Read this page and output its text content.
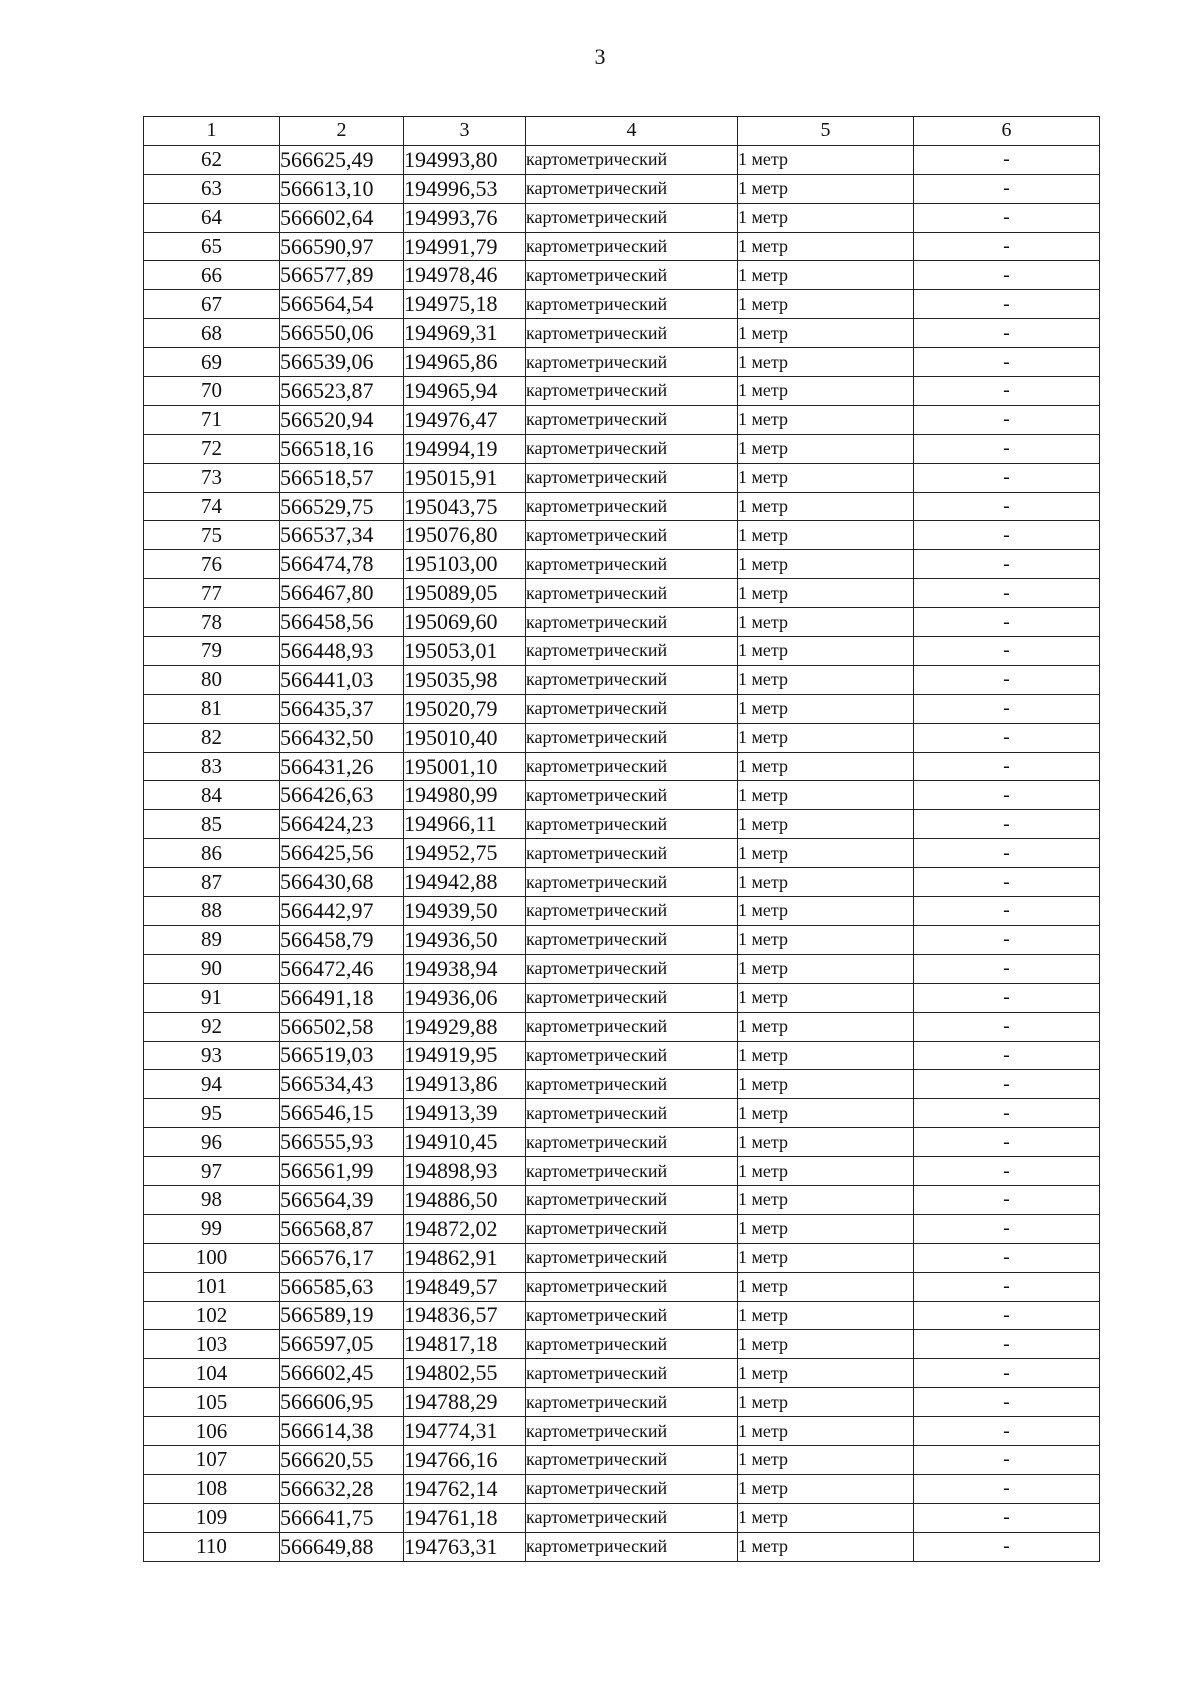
3
1	2	3	4	5	6
62	566625,49	194993,80	картометрический	1 метр	-
63	566613,10	194996,53	картометрический	1 метр	-
64	566602,64	194993,76	картометрический	1 метр	-
65	566590,97	194991,79	картометрический	1 метр	-
66	566577,89	194978,46	картометрический	1 метр	-
67	566564,54	194975,18	картометрический	1 метр	-
68	566550,06	194969,31	картометрический	1 метр	-
69	566539,06	194965,86	картометрический	1 метр	-
70	566523,87	194965,94	картометрический	1 метр	-
71	566520,94	194976,47	картометрический	1 метр	-
72	566518,16	194994,19	картометрический	1 метр	-
73	566518,57	195015,91	картометрический	1 метр	-
74	566529,75	195043,75	картометрический	1 метр	-
75	566537,34	195076,80	картометрический	1 метр	-
76	566474,78	195103,00	картометрический	1 метр	-
77	566467,80	195089,05	картометрический	1 метр	-
78	566458,56	195069,60	картометрический	1 метр	-
79	566448,93	195053,01	картометрический	1 метр	-
80	566441,03	195035,98	картометрический	1 метр	-
81	566435,37	195020,79	картометрический	1 метр	-
82	566432,50	195010,40	картометрический	1 метр	-
83	566431,26	195001,10	картометрический	1 метр	-
84	566426,63	194980,99	картометрический	1 метр	-
85	566424,23	194966,11	картометрический	1 метр	-
86	566425,56	194952,75	картометрический	1 метр	-
87	566430,68	194942,88	картометрический	1 метр	-
88	566442,97	194939,50	картометрический	1 метр	-
89	566458,79	194936,50	картометрический	1 метр	-
90	566472,46	194938,94	картометрический	1 метр	-
91	566491,18	194936,06	картометрический	1 метр	-
92	566502,58	194929,88	картометрический	1 метр	-
93	566519,03	194919,95	картометрический	1 метр	-
94	566534,43	194913,86	картометрический	1 метр	-
95	566546,15	194913,39	картометрический	1 метр	-
96	566555,93	194910,45	картометрический	1 метр	-
97	566561,99	194898,93	картометрический	1 метр	-
98	566564,39	194886,50	картометрический	1 метр	-
99	566568,87	194872,02	картометрический	1 метр	-
100	566576,17	194862,91	картометрический	1 метр	-
101	566585,63	194849,57	картометрический	1 метр	-
102	566589,19	194836,57	картометрический	1 метр	-
103	566597,05	194817,18	картометрический	1 метр	-
104	566602,45	194802,55	картометрический	1 метр	-
105	566606,95	194788,29	картометрический	1 метр	-
106	566614,38	194774,31	картометрический	1 метр	-
107	566620,55	194766,16	картометрический	1 метр	-
108	566632,28	194762,14	картометрический	1 метр	-
109	566641,75	194761,18	картометрический	1 метр	-
110	566649,88	194763,31	картометрический	1 метр	-
